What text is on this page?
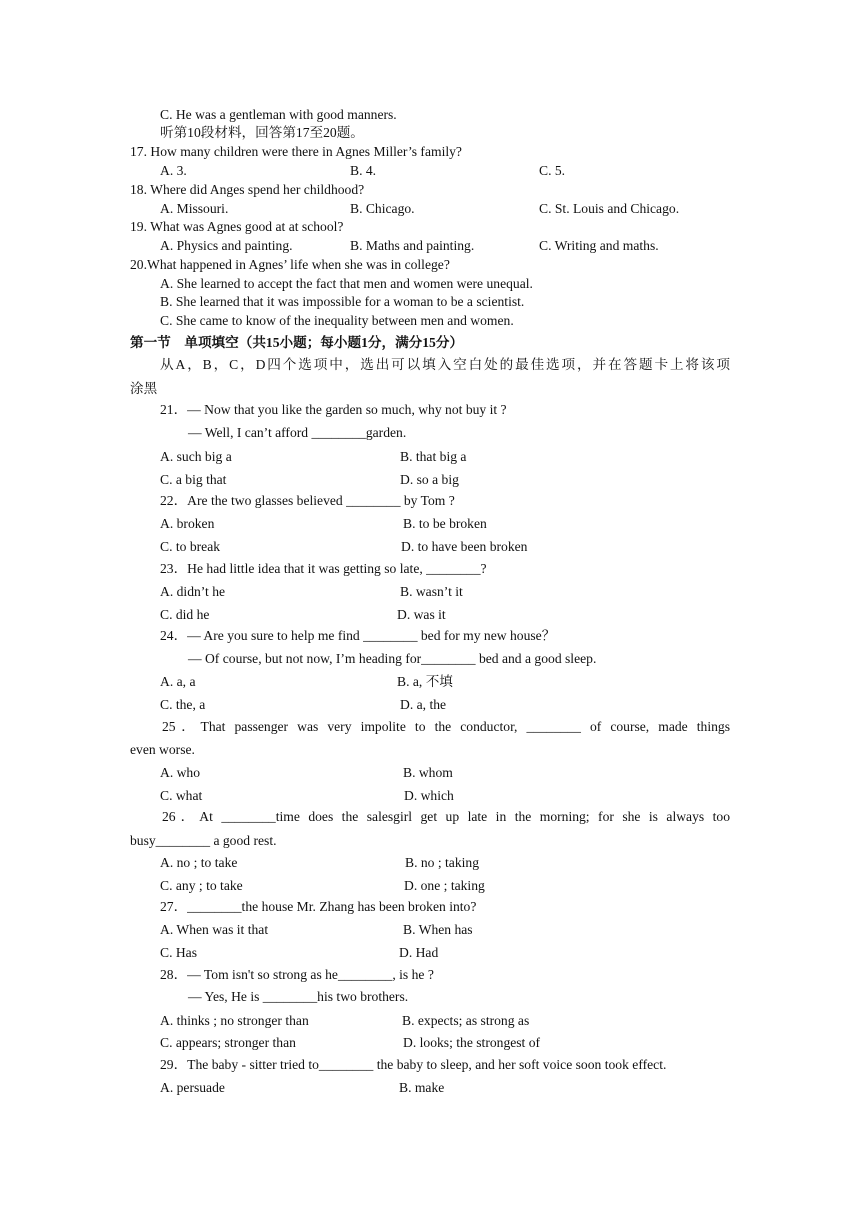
C. He was a gentleman with good manners.
听第10段材料，回答第17至20题。
17. How many children were there in Agnes Miller’s family?
A. 3.	B. 4.	C. 5.
18. Where did Anges spend her childhood?
A. Missouri.	B. Chicago.	C. St. Louis and Chicago.
19. What was Agnes good at at school?
A. Physics and painting.	B. Maths and painting.	C. Writing and maths.
20.What happened in Agnes’ life when she was in college?
A. She learned to accept the fact that men and women were unequal.
B. She learned that it was impossible for a woman to be a scientist.
C. She came to know of the inequality between men and women.
第一节　单项填空（共15小题；每小题1分，满分15分）
从A，B，C，D四个选项中，选出可以填入空白处的最佳选项，并在答题卡上将该项
涂黑
21．— Now that you like the garden so much, why not buy it ?
— Well, I can’t afford ________garden.
A. such big a	B. that big a
C. a big that	D. so a big
22．Are the two glasses believed ________ by Tom ?
A. broken	B. to be broken
C. to break	D. to have been broken
23．He had little idea that it was getting so late, ________?
A. didn’t he	B. wasn’t it
C. did he	D. was it
24．— Are you sure to help me find ________ bed for my new house？
— Of course, but not now, I’m heading for________ bed and a good sleep.
A. a, a	B. a, 不填
C. the, a	D. a, the
25．That passenger was very impolite to the conductor, ________ of course, made things
even worse.
A. who	B. whom
C. what	D. which
26．At ________time does the salesgirl get up late in the morning; for she is always too
busy________ a good rest.
A. no ; to take	B. no ; taking
C. any ; to take	D. one ; taking
27．________the house Mr. Zhang has been broken into?
A. When was it that	B. When has
C. Has	D. Had
28．— Tom isn't so strong as he________, is he ?
— Yes, He is ________his two brothers.
A. thinks ; no stronger than	B. expects; as strong as
C. appears; stronger than	D. looks; the strongest of
29．The baby - sitter tried to________ the baby to sleep, and her soft voice soon took effect.
A. persuade	B. make
